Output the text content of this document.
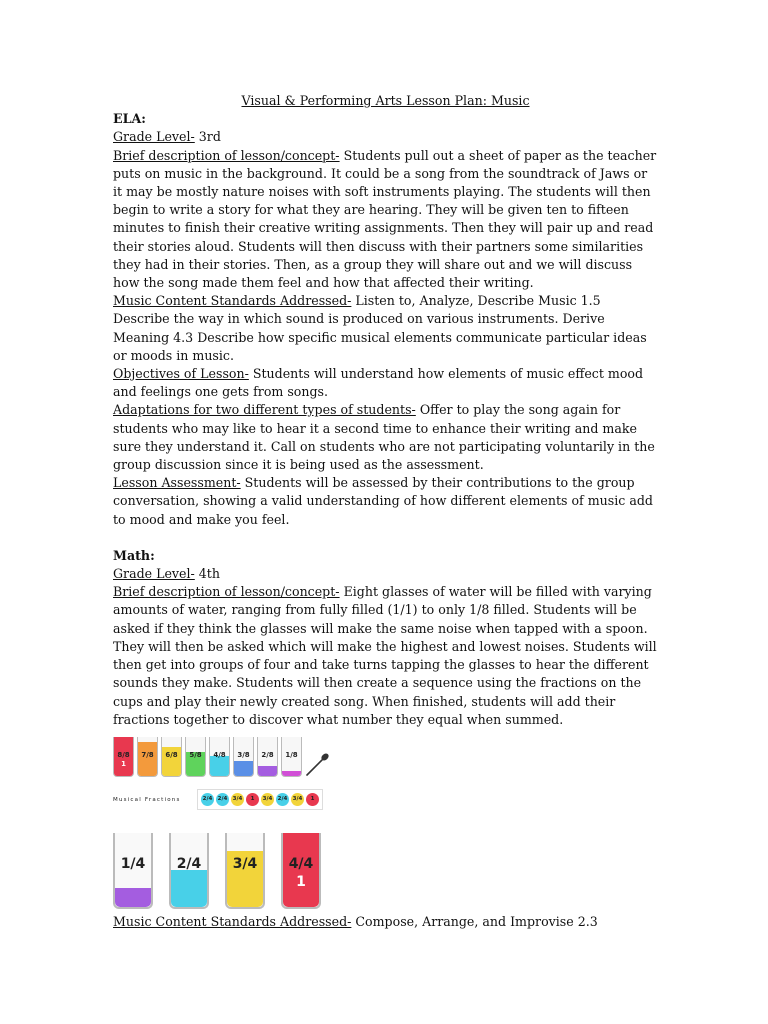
Visual & Performing Arts Lesson Plan: Music

ELA:

Grade Level- 3rd

Brief description of lesson/concept- Students pull out a sheet of paper as the teacher puts on music in the background. It could be a song from the soundtrack of Jaws or it may be mostly nature noises with soft instruments playing. The students will then begin to write a story for what they are hearing. They will be given ten to fifteen minutes to finish their creative writing assignments. Then they will pair up and read their stories aloud. Students will then discuss with their partners some similarities they had in their stories. Then, as a group they will share out and we will discuss how the song made them feel and how that affected their writing.

Music Content Standards Addressed- Listen to, Analyze, Describe Music 1.5 Describe the way in which sound is produced on various instruments. Derive Meaning 4.3 Describe how specific musical elements communicate particular ideas or moods in music.

Objectives of Lesson- Students will understand how elements of music effect mood and feelings one gets from songs.

Adaptations for two different types of students- Offer to play the song again for students who may like to hear it a second time to enhance their writing and make sure they understand it. Call on students who are not participating voluntarily in the group discussion since it is being used as the assessment.

Lesson Assessment- Students will be assessed by their contributions to the group conversation, showing a valid understanding of how different elements of music add to mood and make you feel.

Math:

Grade Level- 4th

Brief description of lesson/concept- Eight glasses of water will be filled with varying amounts of water, ranging from fully filled (1/1) to only 1/8 filled. Students will be asked if they think the glasses will make the same noise when tapped with a spoon. They will then be asked which will make the highest and lowest noises. Students will then get into groups of four and take turns tapping the glasses to hear the different sounds they make. Students will then create a sequence using the fractions on the cups and play their newly created song. When finished, students will add their fractions together to discover what number they equal when summed.

8/8
1
7/8	6/8	5/8	4/8	3/8	2/8	1/8
Musical Fractions	2/4 2/4 3/4	1	3/4 2/4 3/4	1
1/4	2/4	3/4	4/4
1

Music Content Standards Addressed- Compose, Arrange, and Improvise 2.3
